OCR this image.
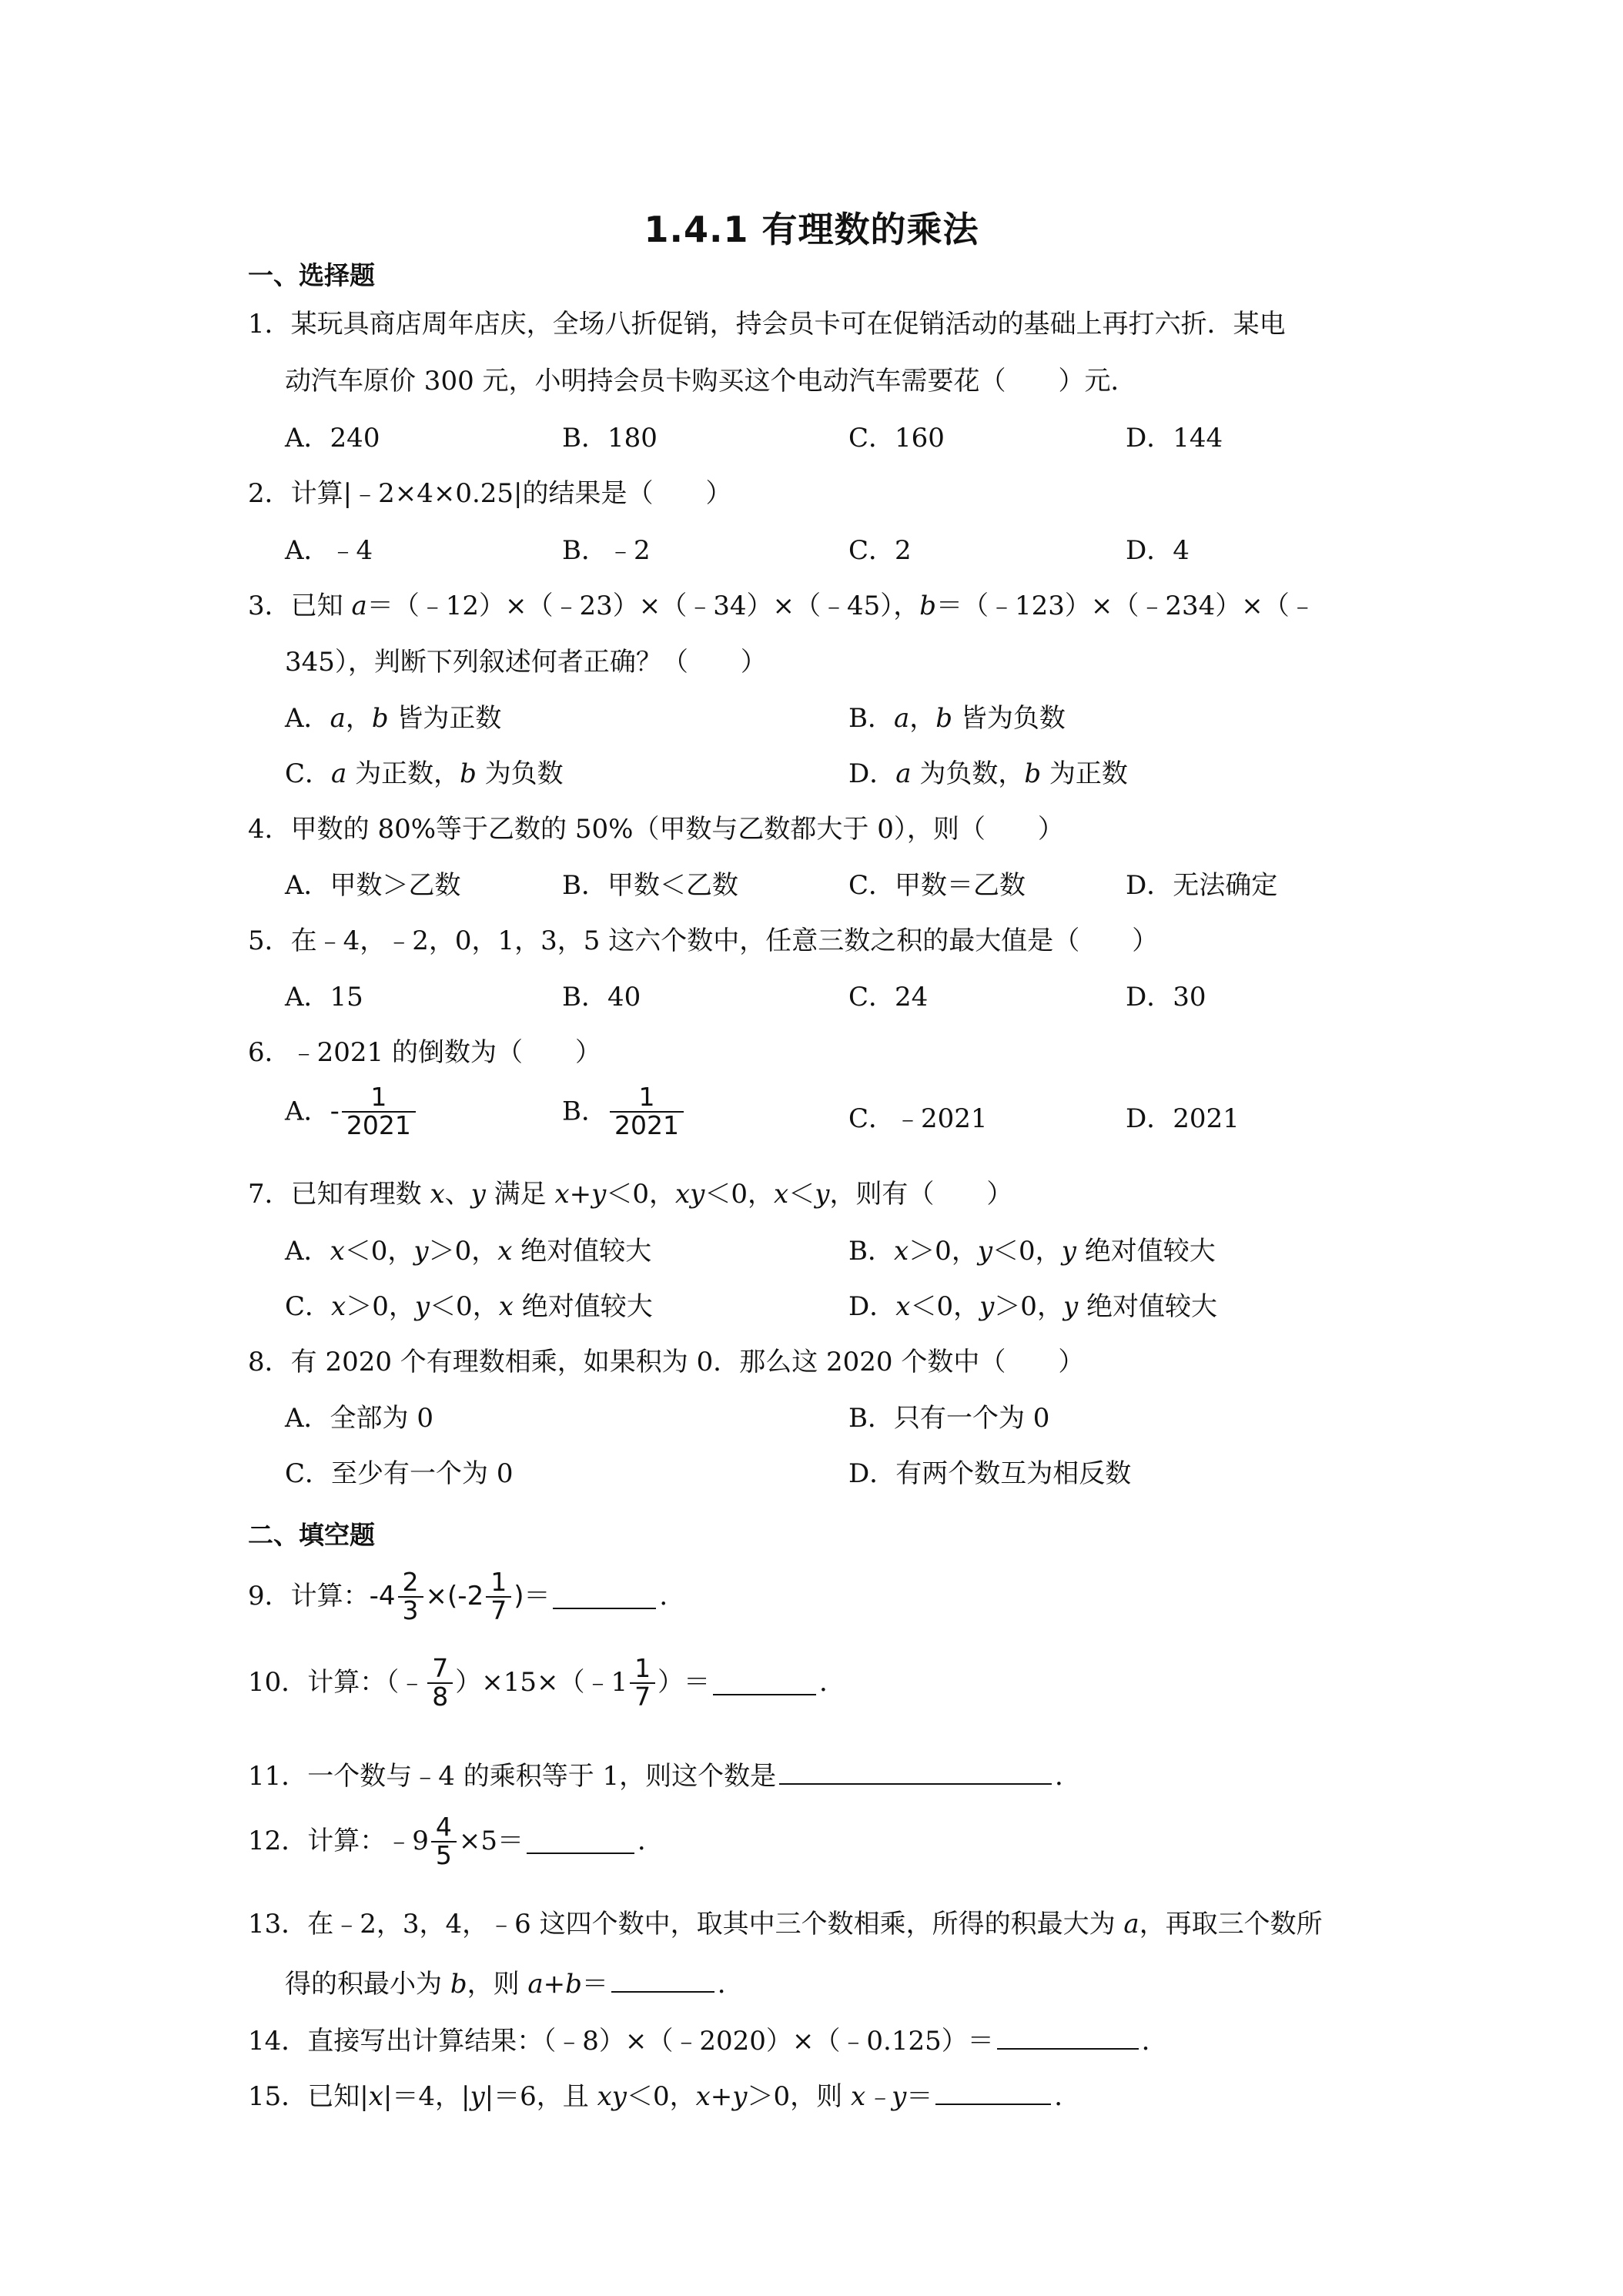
1.4.1 有理数的乘法
一、选择题
1．某玩具商店周年店庆，全场八折促销，持会员卡可在促销活动的基础上再打六折．某电
动汽车原价 300 元，小明持会员卡购买这个电动汽车需要花（　　）元．
A．240	B．180	C．160	D．144
2．计算|﹣2×4×0.25|的结果是（　　）
A．﹣4	B．﹣2	C．2	D．4
3．已知 a＝（﹣12）×（﹣23）×（﹣34）×（﹣45），b＝（﹣123）×（﹣234）×（﹣
345），判断下列叙述何者正确？（　　）
A．a，b 皆为正数	B．a，b 皆为负数
C．a 为正数，b 为负数	D．a 为负数，b 为正数
4．甲数的 80%等于乙数的 50%（甲数与乙数都大于 0），则（　　）
A．甲数＞乙数	B．甲数＜乙数	C．甲数＝乙数	D．无法确定
5．在﹣4，﹣2，0，1，3，5 这六个数中，任意三数之积的最大值是（　　）
A．15	B．40	C．24	D．30
6．﹣2021 的倒数为（　　）
A．- $\frac{1}{2021}$	B． $\frac{1}{2021}$	C．﹣2021	D．2021
7．已知有理数 x、y 满足 x+y＜0，xy＜0，x＜y，则有（　　）
A．x＜0，y＞0，x 绝对值较大	B．x＞0，y＜0，y 绝对值较大
C．x＞0，y＜0，x 绝对值较大	D．x＜0，y＞0，y 绝对值较大
8．有 2020 个有理数相乘，如果积为 0．那么这 2020 个数中（　　）
A．全部为 0	B．只有一个为 0
C．至少有一个为 0	D．有两个数互为相反数
二、填空题
9．计算： $-4 \frac{2}{3} \times(-2 \frac{1}{7}$ ) ＝	．
10．计算：（﹣ $\frac{7}{8}$ ）×15×（﹣1 $\frac{1}{7}$ ）＝	．
11．一个数与﹣4 的乘积等于 1，则这个数是	．
12．计算：﹣9 $\frac{4}{5} \times 5=$	．
13．在﹣2，3，4，﹣6 这四个数中，取其中三个数相乘，所得的积最大为 a，再取三个数所
得的积最小为 b，则 a+b＝	．
14．直接写出计算结果：（﹣8）×（﹣2020）×（﹣0.125）＝	．
15．已知|x|＝4，|y|＝6，且 xy＜0，x+y＞0，则 x﹣y＝	．
